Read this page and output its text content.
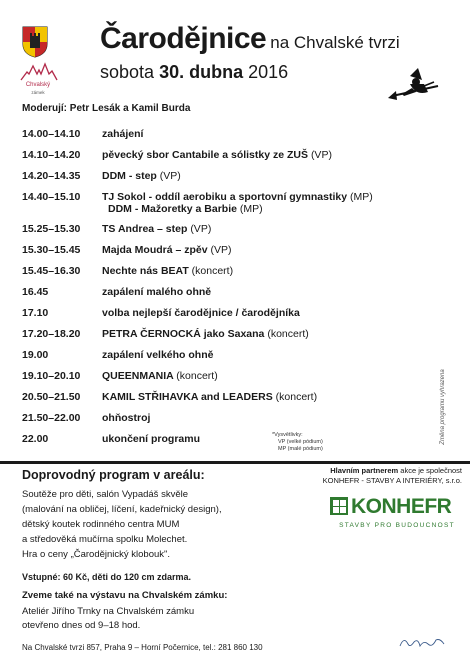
Chvalský
zámek
Čarodějnice na Chvalské tvrzi
sobota 30. dubna 2016
Moderují: Petr Lesák a Kamil Burda
14.00–14.10 zahájení
14.10–14.20 pěvecký sbor Cantabile a sólistky ze ZUŠ (VP)
14.20–14.35 DDM - step (VP)
14.40–15.10 TJ Sokol - oddíl aerobiku a sportovní gymnastiky (MP)
DDM - Mažoretky a Barbie (MP)
15.25–15.30 TS Andrea – step (VP)
15.30–15.45 Majda Moudrá – zpěv (VP)
15.45–16.30 Nechte nás BEAT (koncert)
16.45	zapálení malého ohně
17.10	volba nejlepší čarodějnice / čarodějníka
17.20–18.20 PETRA ČERNOCKÁ jako Saxana (koncert)
19.00	zapálení velkého ohně
19.10–20.10 QUEENMANIA (koncert)
20.50–21.50 KAMIL STŘIHAVKA and LEADERS (koncert)
21.50–22.00 ohňostroj
22.00	ukončení programu	*Vysvětlivky:
VP (velké pódium)
MP (malé pódium)
Změna programu vyhrazena
Doprovodný program v areálu:
Soutěže pro děti, salón Vypadáš skvěle
(malování na obličej, líčení, kadeřnický design),
dětský koutek rodinného centra MUM
a středověká mučírna spolku Molechet.
Hra o ceny „Čarodějnický klobouk".
Vstupné: 60 Kč, děti do 120 cm zdarma.
Zveme také na výstavu na Chvalském zámku:
Ateliér Jiřího Trnky na Chvalském zámku
otevřeno dnes od 9–18 hod.
Na Chvalské tvrzi 857, Praha 9 – Horní Počernice, tel.: 281 860 130
Hlavním partnerem akce je společnost
KONHEFR - STAVBY A INTERIÉRY, s.r.o.
KONHEFR
STAVBY PRO BUDOUCNOST
